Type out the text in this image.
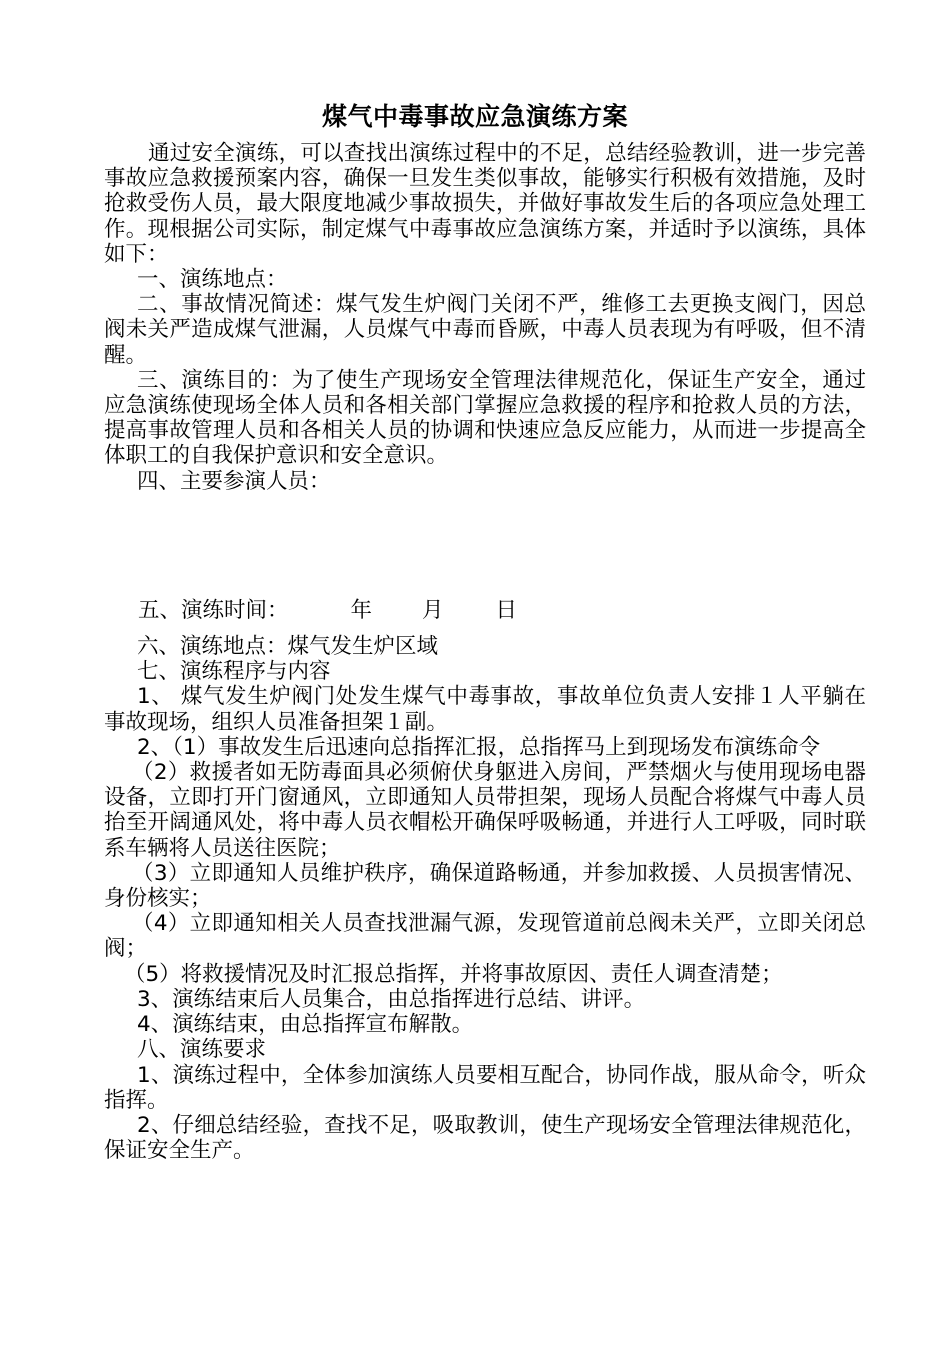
煤气中毒事故应急演练方案

通过安全演练，可以查找出演练过程中的不足，总结经验教训，进一步完善事故应急救援预案内容，确保一旦发生类似事故，能够实行积极有效措施，及时抢救受伤人员，最大限度地减少事故损失，并做好事故发生后的各项应急处理工作。现根据公司实际，制定煤气中毒事故应急演练方案，并适时予以演练，具体如下：

一、演练地点：

二、事故情况简述：煤气发生炉阀门关闭不严，维修工去更换支阀门，因总阀未关严造成煤气泄漏，人员煤气中毒而昏厥，中毒人员表现为有呼吸，但不清醒。

三、演练目的：为了使生产现场安全管理法律规范化，保证生产安全，通过应急演练使现场全体人员和各相关部门掌握应急救援的程序和抢救人员的方法，提高事故管理人员和各相关人员的协调和快速应急反应能力，从而进一步提高全体职工的自我保护意识和安全意识。

四、主要参演人员：

五、演练时间：	年 月 日

六、演练地点：煤气发生炉区域

七、演练程序与内容

1、 煤气发生炉阀门处发生煤气中毒事故，事故单位负责人安排１人平躺在事故现场，组织人员准备担架１副。

2、（1）事故发生后迅速向总指挥汇报，总指挥马上到现场发布演练命令

（2）救援者如无防毒面具必须俯伏身躯进入房间，严禁烟火与使用现场电器设备，立即打开门窗通风，立即通知人员带担架，现场人员配合将煤气中毒人员抬至开阔通风处，将中毒人员衣帽松开确保呼吸畅通，并进行人工呼吸，同时联系车辆将人员送往医院；

（3）立即通知人员维护秩序，确保道路畅通，并参加救援、人员损害情况、身份核实；

（4）立即通知相关人员查找泄漏气源，发现管道前总阀未关严，立即关闭总阀；

（5）将救援情况及时汇报总指挥，并将事故原因、责任人调查清楚；

3、演练结束后人员集合，由总指挥进行总结、讲评。

4、演练结束，由总指挥宣布解散。

八、演练要求

1、演练过程中，全体参加演练人员要相互配合，协同作战，服从命令，听众指挥。

2、仔细总结经验，查找不足，吸取教训，使生产现场安全管理法律规范化，保证安全生产。
